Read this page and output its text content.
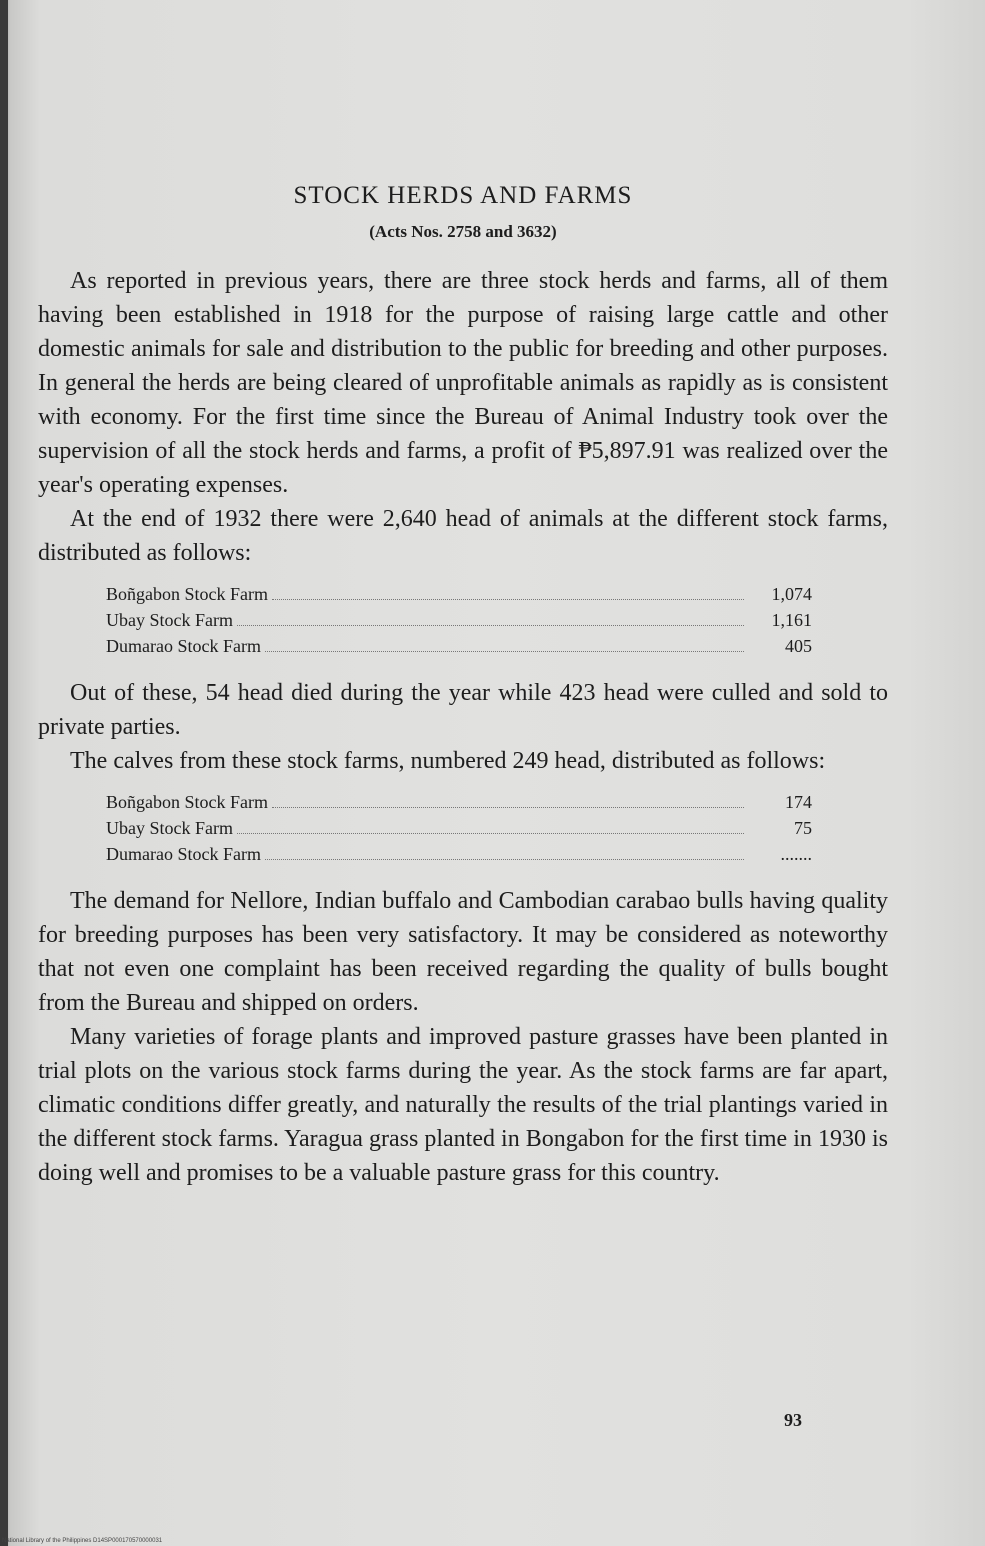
STOCK HERDS AND FARMS
(Acts Nos. 2758 and 3632)

As reported in previous years, there are three stock herds and farms, all of them having been established in 1918 for the purpose of raising large cattle and other domestic animals for sale and distribution to the public for breeding and other purposes. In general the herds are being cleared of unprofitable animals as rapidly as is consistent with economy. For the first time since the Bureau of Animal Industry took over the supervision of all the stock herds and farms, a profit of ₱5,897.91 was realized over the year's operating expenses.

At the end of 1932 there were 2,640 head of animals at the different stock farms, distributed as follows:

Boñgabon Stock Farm	1,074
Ubay Stock Farm	1,161
Dumarao Stock Farm	405

Out of these, 54 head died during the year while 423 head were culled and sold to private parties.

The calves from these stock farms, numbered 249 head, distributed as follows:

Boñgabon Stock Farm	174
Ubay Stock Farm	75
Dumarao Stock Farm	.......

The demand for Nellore, Indian buffalo and Cambodian carabao bulls having quality for breeding purposes has been very satisfactory. It may be considered as noteworthy that not even one complaint has been received regarding the quality of bulls bought from the Bureau and shipped on orders.

Many varieties of forage plants and improved pasture grasses have been planted in trial plots on the various stock farms during the year. As the stock farms are far apart, climatic conditions differ greatly, and naturally the results of the trial plantings varied in the different stock farms. Yaragua grass planted in Bongabon for the first time in 1930 is doing well and promises to be a valuable pasture grass for this country.

93
National Library of the Philippines D14SP000170570000031
